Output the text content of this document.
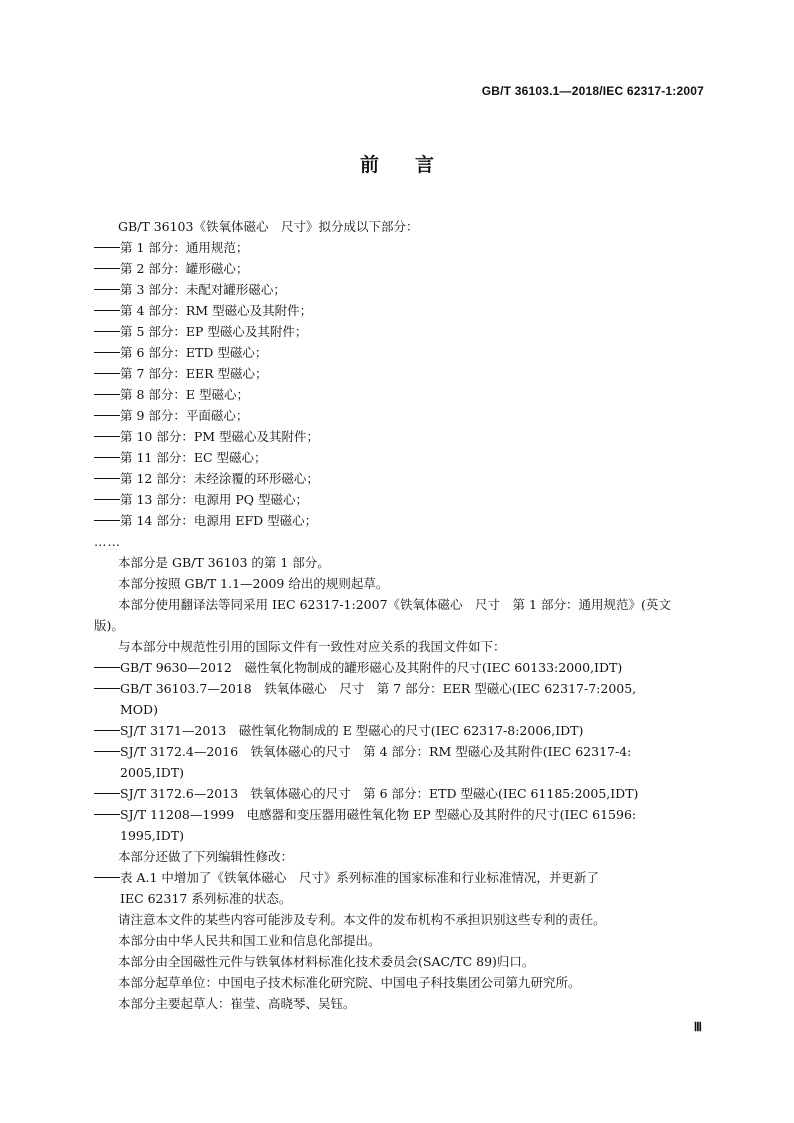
GB/T 36103.1—2018/IEC 62317-1:2007
前言
GB/T 36103《铁氧体磁心　尺寸》拟分成以下部分：
第 1 部分：通用规范；
第 2 部分：罐形磁心；
第 3 部分：未配对罐形磁心；
第 4 部分：RM 型磁心及其附件；
第 5 部分：EP 型磁心及其附件；
第 6 部分：ETD 型磁心；
第 7 部分：EER 型磁心；
第 8 部分：E 型磁心；
第 9 部分：平面磁心；
第 10 部分：PM 型磁心及其附件；
第 11 部分：EC 型磁心；
第 12 部分：未经涂覆的环形磁心；
第 13 部分：电源用 PQ 型磁心；
第 14 部分：电源用 EFD 型磁心；
……
本部分是 GB/T 36103 的第 1 部分。
本部分按照 GB/T 1.1—2009 给出的规则起草。
本部分使用翻译法等同采用 IEC 62317-1:2007《铁氧体磁心　尺寸　第 1 部分：通用规范》(英文
版)。
与本部分中规范性引用的国际文件有一致性对应关系的我国文件如下：
GB/T 9630—2012　磁性氧化物制成的罐形磁心及其附件的尺寸(IEC 60133:2000,IDT)
GB/T 36103.7—2018　铁氧体磁心　尺寸　第 7 部分：EER 型磁心(IEC 62317-7:2005,
MOD)
SJ/T 3171—2013　磁性氧化物制成的 E 型磁心的尺寸(IEC 62317-8:2006,IDT)
SJ/T 3172.4—2016　铁氧体磁心的尺寸　第 4 部分：RM 型磁心及其附件(IEC 62317-4:
2005,IDT)
SJ/T 3172.6—2013　铁氧体磁心的尺寸　第 6 部分：ETD 型磁心(IEC 61185:2005,IDT)
SJ/T 11208—1999　电感器和变压器用磁性氧化物 EP 型磁心及其附件的尺寸(IEC 61596:
1995,IDT)
本部分还做了下列编辑性修改：
表 A.1 中增加了《铁氧体磁心　尺寸》系列标准的国家标准和行业标准情况，并更新了
IEC 62317 系列标准的状态。
请注意本文件的某些内容可能涉及专利。本文件的发布机构不承担识别这些专利的责任。
本部分由中华人民共和国工业和信息化部提出。
本部分由全国磁性元件与铁氧体材料标准化技术委员会(SAC/TC 89)归口。
本部分起草单位：中国电子技术标准化研究院、中国电子科技集团公司第九研究所。
本部分主要起草人：崔莹、高晓琴、吴钰。
Ⅲ
